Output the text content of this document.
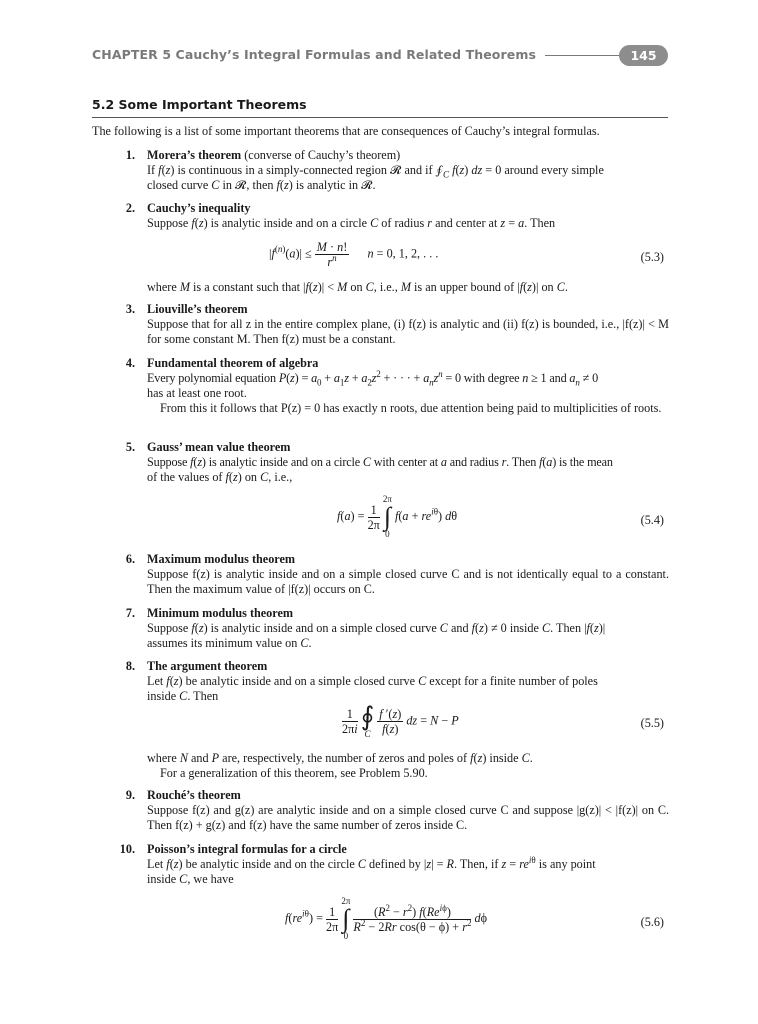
CHAPTER 5 Cauchy’s Integral Formulas and Related Theorems	145
5.2 Some Important Theorems
The following is a list of some important theorems that are consequences of Cauchy’s integral formulas.
1. Morera’s theorem (converse of Cauchy’s theorem)
If f(z) is continuous in a simply-connected region 𝓡 and if $∮_C$ f(z) dz = 0 around every simple
closed curve C in 𝓡, then f(z) is analytic in 𝓡.
2. Cauchy’s inequality
Suppose f(z) is analytic inside and on a circle C of radius r and center at z = a. Then
$|f^{(n)}(a)| \le \frac{M \cdot n!}{r^n}$ n = 0, 1, 2, . . .	(5.3)
where M is a constant such that |f(z)| < M on C, i.e., M is an upper bound of |f(z)| on C.
3. Liouville’s theorem
Suppose that for all z in the entire complex plane, (i) f(z) is analytic and (ii) f(z) is bounded, i.e., |f(z)| < M for some constant M. Then f(z) must be a constant.
4. Fundamental theorem of algebra
Every polynomial equation $P(z) = a_0 + a_1z + a_2z^2$ + · · · + $a_nz^n = 0$ with degree n ≥ 1 and $a_n \ne 0$
has at least one root.
From this it follows that P(z) = 0 has exactly n roots, due attention being paid to multiplicities of roots.
5. Gauss’ mean value theorem
Suppose f(z) is analytic inside and on a circle C with center at a and radius r. Then f(a) is the mean
of the values of f(z) on C, i.e.,
$f(a) = \frac{1}{2\pi}$

2π
∫
0
$f(a + re^{i\theta})$ dθ	(5.4)
6. Maximum modulus theorem
Suppose f(z) is analytic inside and on a simple closed curve C and is not identically equal to a constant. Then the maximum value of |f(z)| occurs on C.
7. Minimum modulus theorem
Suppose f(z) is analytic inside and on a simple closed curve C and f(z) ≠ 0 inside C. Then |f(z)|
assumes its minimum value on C.
8. The argument theorem
Let f(z) be analytic inside and on a simple closed curve C except for a finite number of poles
inside C. Then
$\frac{1}{2\pi i}$
∮
C
$\frac{f '(z)}{f(z)}$ dz = N − P	(5.5)
where N and P are, respectively, the number of zeros and poles of f(z) inside C.
For a generalization of this theorem, see Problem 5.90.
9. Rouché’s theorem
Suppose f(z) and g(z) are analytic inside and on a simple closed curve C and suppose |g(z)| < |f(z)| on C. Then f(z) + g(z) and f(z) have the same number of zeros inside C.
10. Poisson’s integral formulas for a circle
Let f(z) be analytic inside and on the circle C defined by |z| = R. Then, if $z = re^{i\theta}$ is any point
inside C, we have
$f(re^{i\theta}) = \frac{1}{2\pi}$

2π
∫
0

$\frac{(R^2 - r^2) f(Re^{i\phi})}{R^2 - 2Rr \cos(\theta - \phi) + r^2}$ dϕ	(5.6)
